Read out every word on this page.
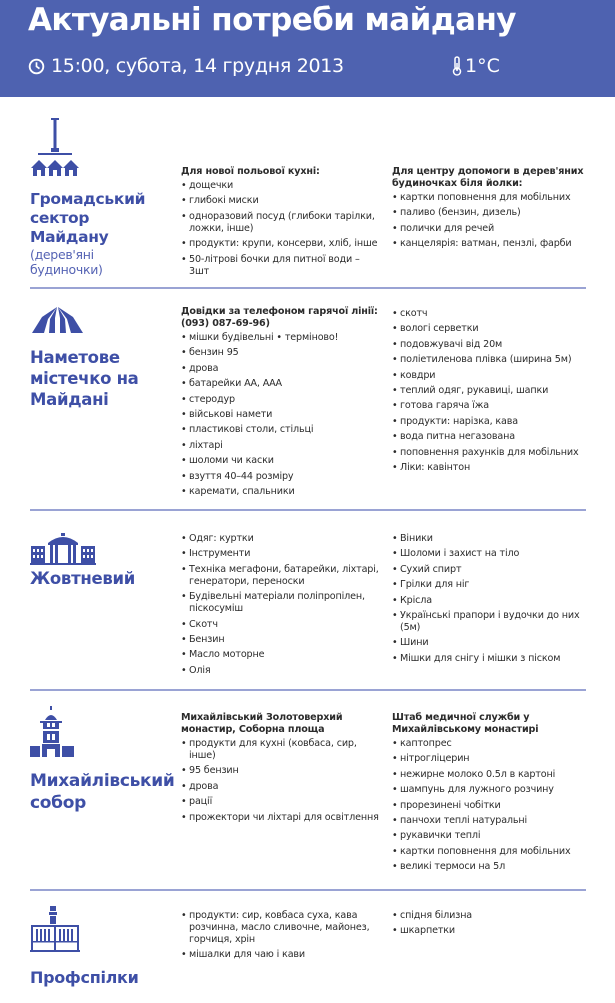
Актуальні потреби майдану
15:00, субота, 14 грудня 2013	1°C
Громадський сектор Майдану
(дерев'яні будиночки)
Для нової польової кухні:
• дощечки
• глибокі миски
• одноразовий посуд (глибоки тарілки, ложки, інше)
• продукти: крупи, консерви, хліб, інше
• 50-літрові бочки для питної води – 3шт
Для центру допомоги в дерев'яних будиночках біля йолки:
• картки поповнення для мобільних
• паливо (бензин, дизель)
• полички для речей
• канцелярія: ватман, пензлі, фарби
Наметове містечко на Майдані
Довідки за телефоном гарячої лінії: (093) 087-69-96)
• мішки будівельні • терміново!
• бензин 95
• дрова
• батарейки АА, ААА
• стеродур
• військові намети
• пластикові столи, стільці
• ліхтарі
• шоломи чи каски
• взуття 40–44 розміру
• каремати, спальники
• скотч
• вологі серветки
• подовжувачі від 20м
• поліетиленова плівка (ширина 5м)
• ковдри
• теплий одяг, рукавиці, шапки
• готова гаряча їжа
• продукти: нарізка, кава
• вода питна негазована
• поповнення рахунків для мобільних
• Ліки: кавінтон
Жовтневий
• Одяг: куртки
• Інструменти
• Техніка мегафони, батарейки, ліхтарі, генератори, переноски
• Будівельні матеріали поліпропілен, піскосуміш
• Скотч
• Бензин
• Масло моторне
• Олія
• Віники
• Шоломи і захист на тіло
• Сухий спирт
• Грілки для ніг
• Крісла
• Українські прапори і вудочки до них (5м)
• Шини
• Мішки для снігу і мішки з піском
Михайлівський собор
Михайлівський Золотоверхий монастир, Соборна площа
• продукти для кухні (ковбаса, сир, інше)
• 95 бензин
• дрова
• рації
• прожектори чи ліхтарі для освітлення
Штаб медичної служби у Михайлівському монастирі
• каптопрес
• нітрогліцерин
• нежирне молоко 0.5л в картоні
• шампунь для лужного розчину
• прорезинені чобітки
• панчохи теплі натуральні
• рукавички теплі
• картки поповнення для мобільних
• великі термоси на 5л
Профспілки
• продукти: сир, ковбаса суха, кава розчинна, масло сливочне, майонез, горчиця, хрін
• мішалки для чаю і кави
• спідня білизна
• шкарпетки
